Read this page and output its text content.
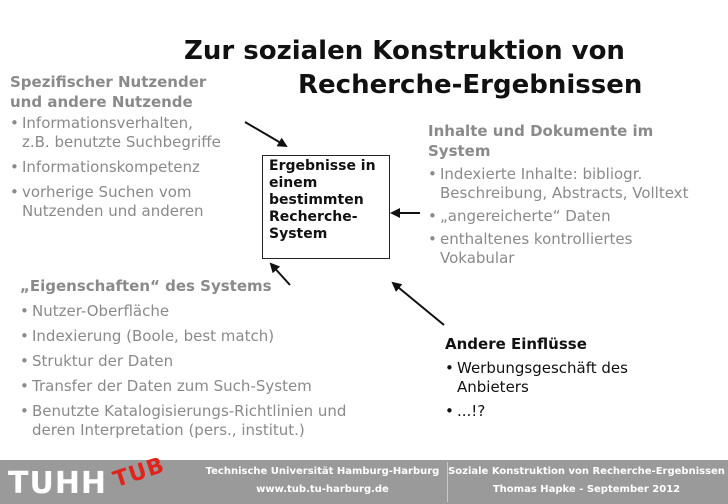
Zur sozialen Konstruktion von
Recherche-Ergebnissen
Spezifischer Nutzender
und andere Nutzende
• Informationsverhalten,
z.B. benutzte Suchbegriffe
• Informationskompetenz
• vorherige Suchen vom
Nutzenden und anderen
Ergebnisse in
einem
bestimmten
Recherche-
System
Inhalte und Dokumente im
System
• Indexierte Inhalte: bibliogr.
Beschreibung, Abstracts, Volltext
• „angereicherte“ Daten
• enthaltenes kontrolliertes
Vokabular
„Eigenschaften“ des Systems
• Nutzer-Oberfläche
• Indexierung (Boole, best match)
• Struktur der Daten
• Transfer der Daten zum Such-System
• Benutzte Katalogisierungs-Richtlinien und
deren Interpretation (pers., institut.)
Andere Einflüsse
• Werbungsgeschäft des
Anbieters
• ...!?
TUHH TUB	Technische Universität Hamburg-Harburg
www.tub.tu-harburg.de
Soziale Konstruktion von Recherche-Ergebnissen
Thomas Hapke - September 2012
